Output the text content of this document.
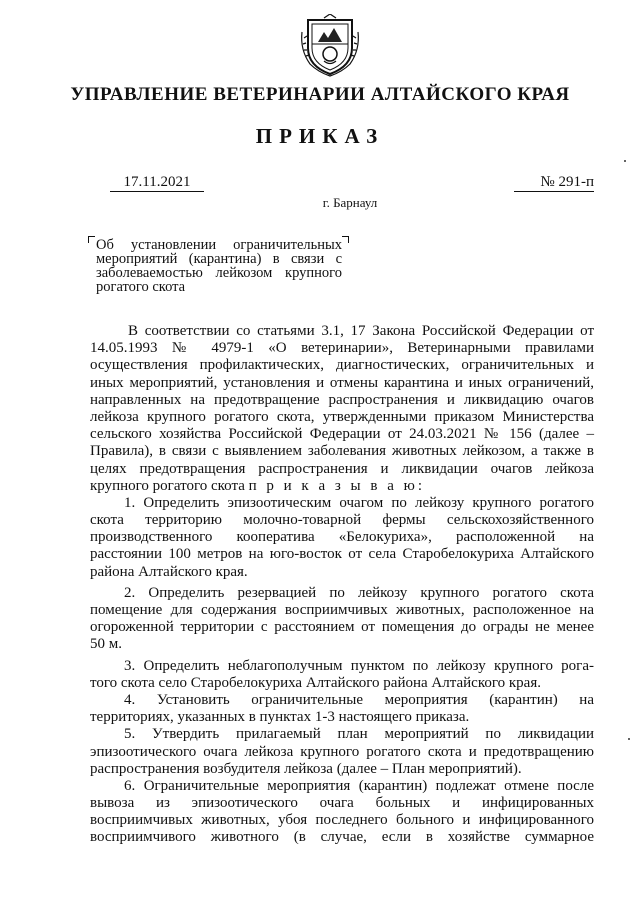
УПРАВЛЕНИЕ ВЕТЕРИНАРИИ АЛТАЙСКОГО КРАЯ
ПРИКАЗ
17.11.2021	№ 291-п
г. Барнаул

Об установлении ограничительных

мероприятий (карантина) в связи с

заболеваемостью лейкозом крупного

рогатого скота

В соответствии со статьями 3.1, 17 Закона Российской Федерации от
14.05.1993 № 4979-1 «О ветеринарии», Ветеринарными правилами
осуществления профилактических, диагностических, ограничительных и
иных мероприятий, установления и отмены карантина и иных ограничений,
направленных на предотвращение распространения и ликвидацию очагов
лейкоза крупного рогатого скота, утвержденными приказом Министерства
сельского хозяйства Российской Федерации от 24.03.2021 № 156 (далее –
Правила), в связи с выявлением заболевания животных лейкозом, а также в
целях предотвращения распространения и ликвидации очагов лейкоза
крупного рогатого скота п р и к а з ы в а ю:
1. Определить эпизоотическим очагом по лейкозу крупного рогатого
скота территорию молочно-товарной фермы сельскохозяйственного
производственного кооператива «Белокуриха», расположенной на
расстоянии 100 метров на юго-восток от села Старобелокуриха Алтайского
района Алтайского края.
2. Определить резервацией по лейкозу крупного рогатого скота
помещение для содержания восприимчивых животных, расположенное на
огороженной территории с расстоянием от помещения до ограды не менее
50 м.
3. Определить неблагополучным пунктом по лейкозу крупного рога-
того скота село Старобелокуриха Алтайского района Алтайского края.
4. Установить ограничительные мероприятия (карантин) на
территориях, указанных в пунктах 1-3 настоящего приказа.
5. Утвердить прилагаемый план мероприятий по ликвидации
эпизоотического очага лейкоза крупного рогатого скота и предотвращению
распространения возбудителя лейкоза (далее – План мероприятий).
6. Ограничительные мероприятия (карантин) подлежат отмене после
вывоза из эпизоотического очага больных и инфицированных
восприимчивых животных, убоя последнего больного и инфицированного
восприимчивого животного (в случае, если в хозяйстве суммарное
